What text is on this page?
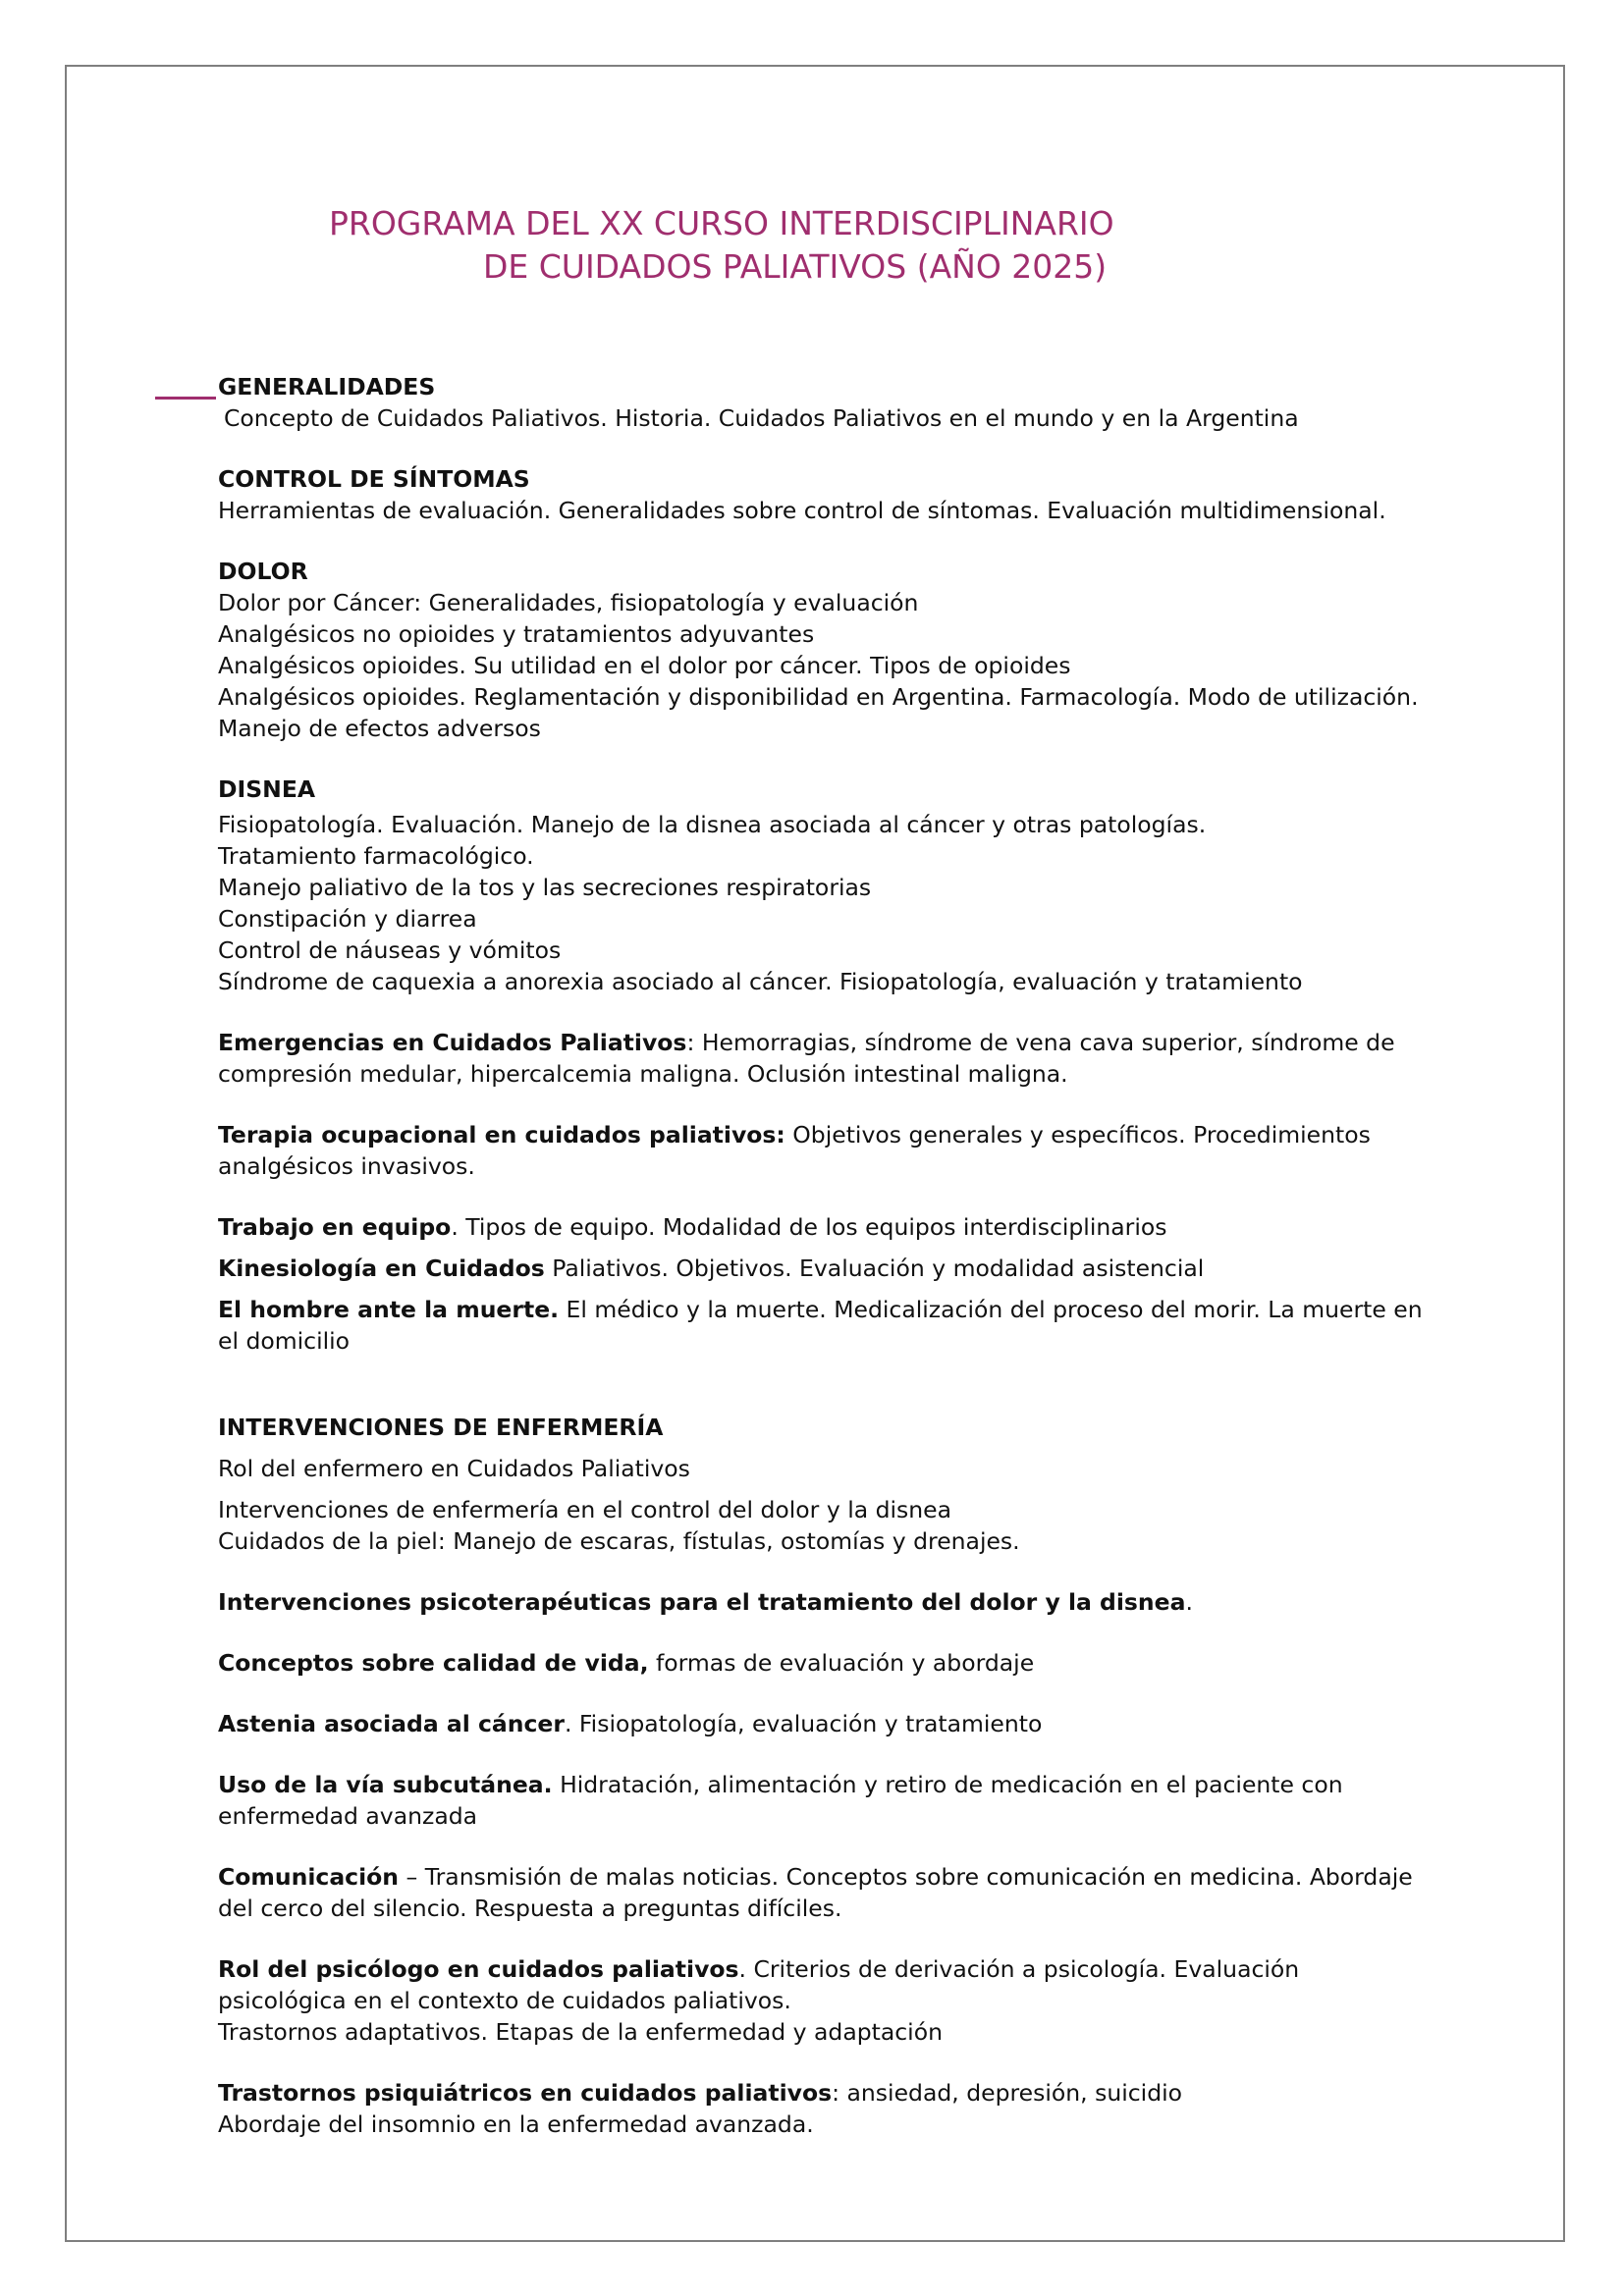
PROGRAMA DEL XX CURSO INTERDISCIPLINARIO
DE CUIDADOS PALIATIVOS (AÑO 2025)

GENERALIDADES

Concepto de Cuidados Paliativos. Historia. Cuidados Paliativos en el mundo y en la Argentina

CONTROL DE SÍNTOMAS

Herramientas de evaluación. Generalidades sobre control de síntomas. Evaluación multidimensional.

DOLOR

Dolor por Cáncer: Generalidades, fisiopatología y evaluación

Analgésicos no opioides y tratamientos adyuvantes

Analgésicos opioides. Su utilidad en el dolor por cáncer. Tipos de opioides

Analgésicos opioides. Reglamentación y disponibilidad en Argentina. Farmacología. Modo de utilización. Manejo de efectos adversos

DISNEA

Fisiopatología. Evaluación. Manejo de la disnea asociada al cáncer y otras patologías.

Tratamiento farmacológico.

Manejo paliativo de la tos y las secreciones respiratorias

Constipación y diarrea

Control de náuseas y vómitos

Síndrome de caquexia a anorexia asociado al cáncer. Fisiopatología, evaluación y tratamiento

Emergencias en Cuidados Paliativos: Hemorragias, síndrome de vena cava superior, síndrome de compresión medular, hipercalcemia maligna. Oclusión intestinal maligna.

Terapia ocupacional en cuidados paliativos: Objetivos generales y específicos. Procedimientos analgésicos invasivos.

Trabajo en equipo. Tipos de equipo. Modalidad de los equipos interdisciplinarios

Kinesiología en Cuidados Paliativos. Objetivos. Evaluación y modalidad asistencial

El hombre ante la muerte. El médico y la muerte. Medicalización del proceso del morir. La muerte en el domicilio

INTERVENCIONES DE ENFERMERÍA

Rol del enfermero en Cuidados Paliativos

Intervenciones de enfermería en el control del dolor y la disnea

Cuidados de la piel: Manejo de escaras, fístulas, ostomías y drenajes.

Intervenciones psicoterapéuticas para el tratamiento del dolor y la disnea.

Conceptos sobre calidad de vida, formas de evaluación y abordaje

Astenia asociada al cáncer. Fisiopatología, evaluación y tratamiento

Uso de la vía subcutánea. Hidratación, alimentación y retiro de medicación en el paciente con enfermedad avanzada

Comunicación – Transmisión de malas noticias. Conceptos sobre comunicación en medicina. Abordaje del cerco del silencio. Respuesta a preguntas difíciles.

Rol del psicólogo en cuidados paliativos. Criterios de derivación a psicología. Evaluación psicológica en el contexto de cuidados paliativos.

Trastornos adaptativos. Etapas de la enfermedad y adaptación

Trastornos psiquiátricos en cuidados paliativos: ansiedad, depresión, suicidio

Abordaje del insomnio en la enfermedad avanzada.
